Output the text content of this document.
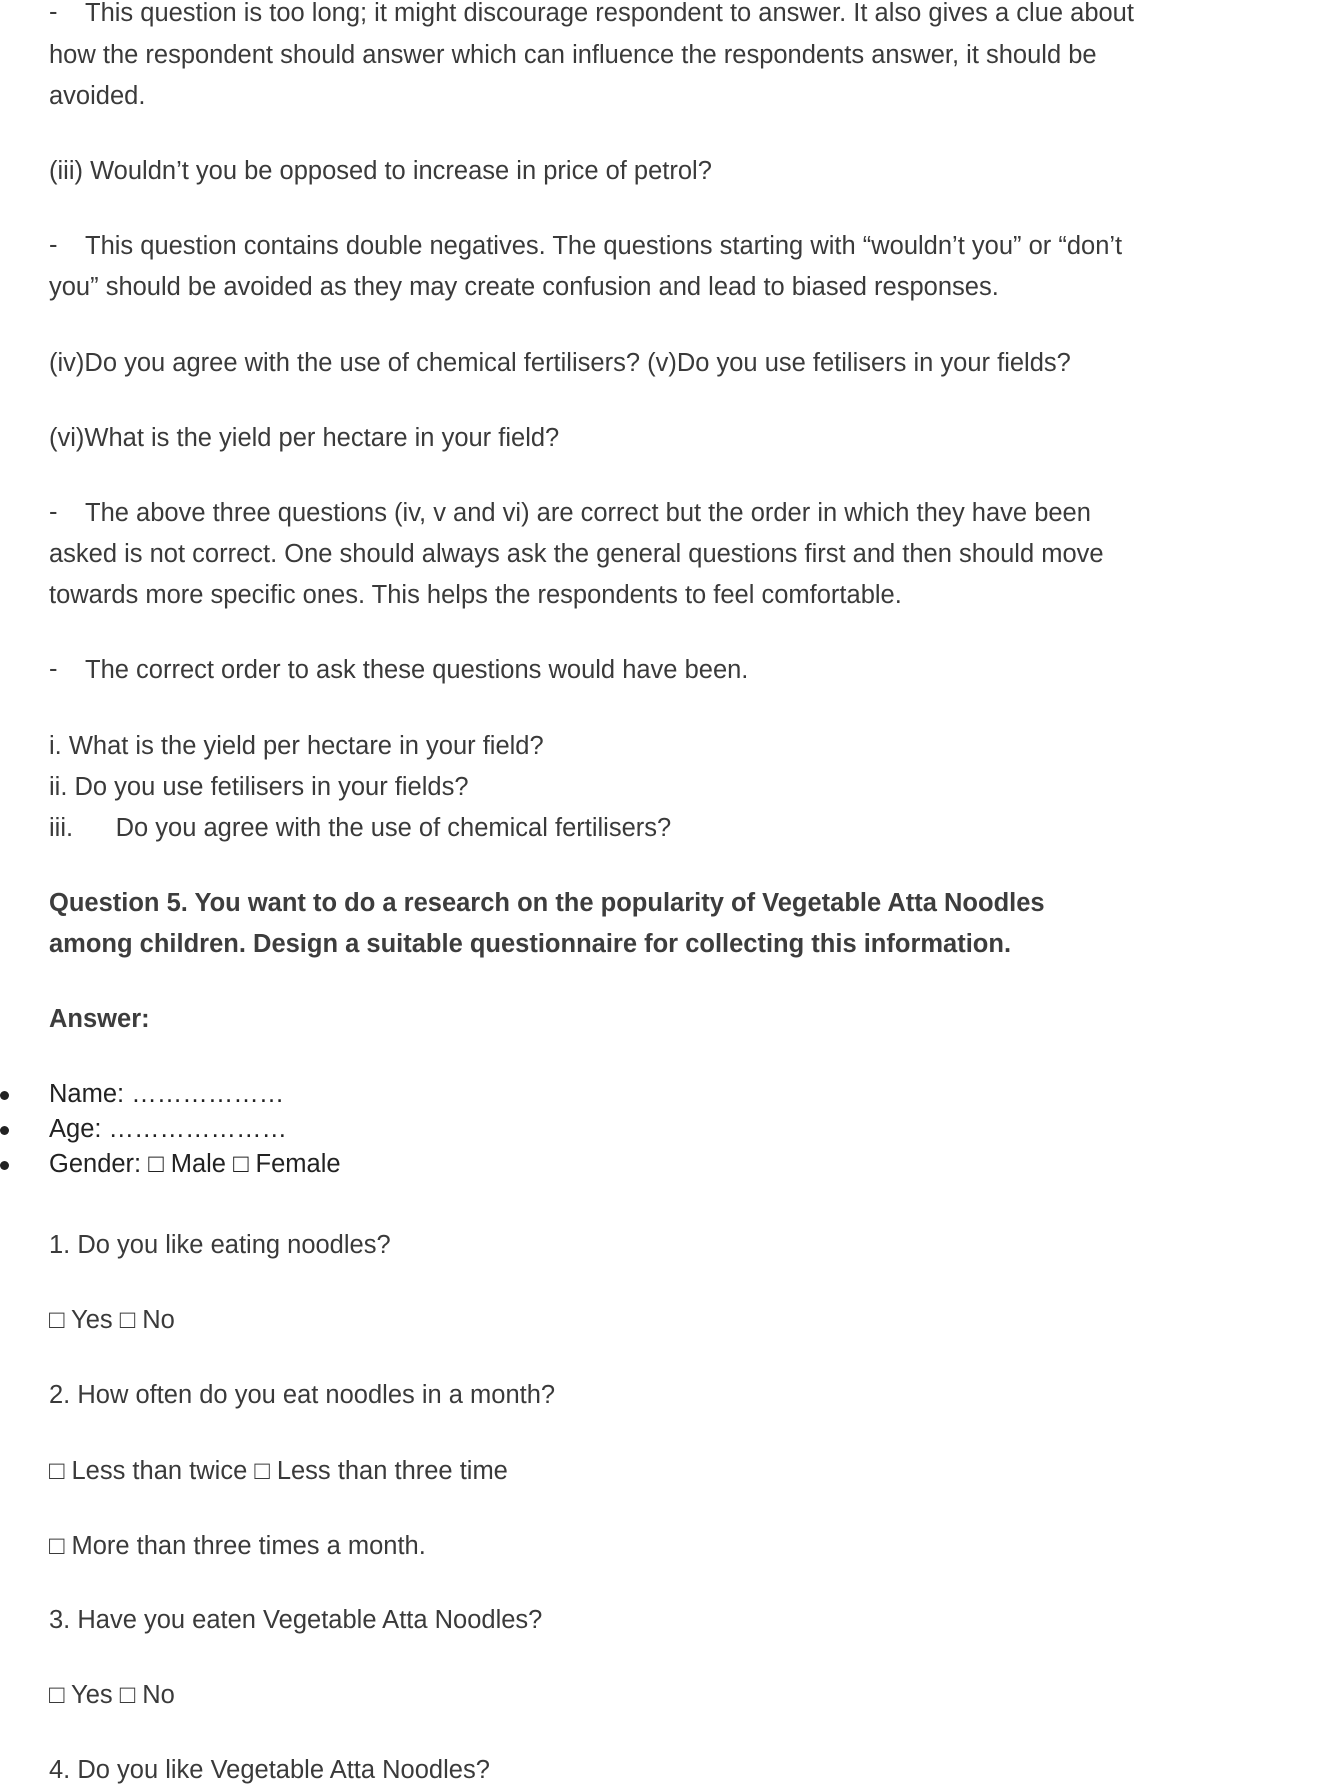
- This question is too long; it might discourage respondent to answer. It also gives a clue about
how the respondent should answer which can influence the respondents answer, it should be
avoided.
(iii) Wouldn’t you be opposed to increase in price of petrol?
- This question contains double negatives. The questions starting with “wouldn’t you” or “don’t
you” should be avoided as they may create confusion and lead to biased responses.
(iv)Do you agree with the use of chemical fertilisers? (v)Do you use fetilisers in your fields?
(vi)What is the yield per hectare in your field?
- The above three questions (iv, v and vi) are correct but the order in which they have been
asked is not correct. One should always ask the general questions first and then should move
towards more specific ones. This helps the respondents to feel comfortable.
- The correct order to ask these questions would have been.
i. What is the yield per hectare in your field?
ii. Do you use fetilisers in your fields?
iii.      Do you agree with the use of chemical fertilisers?
Question 5. You want to do a research on the popularity of Vegetable Atta Noodles
among children. Design a suitable questionnaire for collecting this information.
Answer:
Name: ………………
Age: …………………
Gender: □ Male □ Female
1. Do you like eating noodles?
□ Yes □ No
2. How often do you eat noodles in a month?
□ Less than twice □ Less than three time
□ More than three times a month.
3. Have you eaten Vegetable Atta Noodles?
□ Yes □ No
4. Do you like Vegetable Atta Noodles?
